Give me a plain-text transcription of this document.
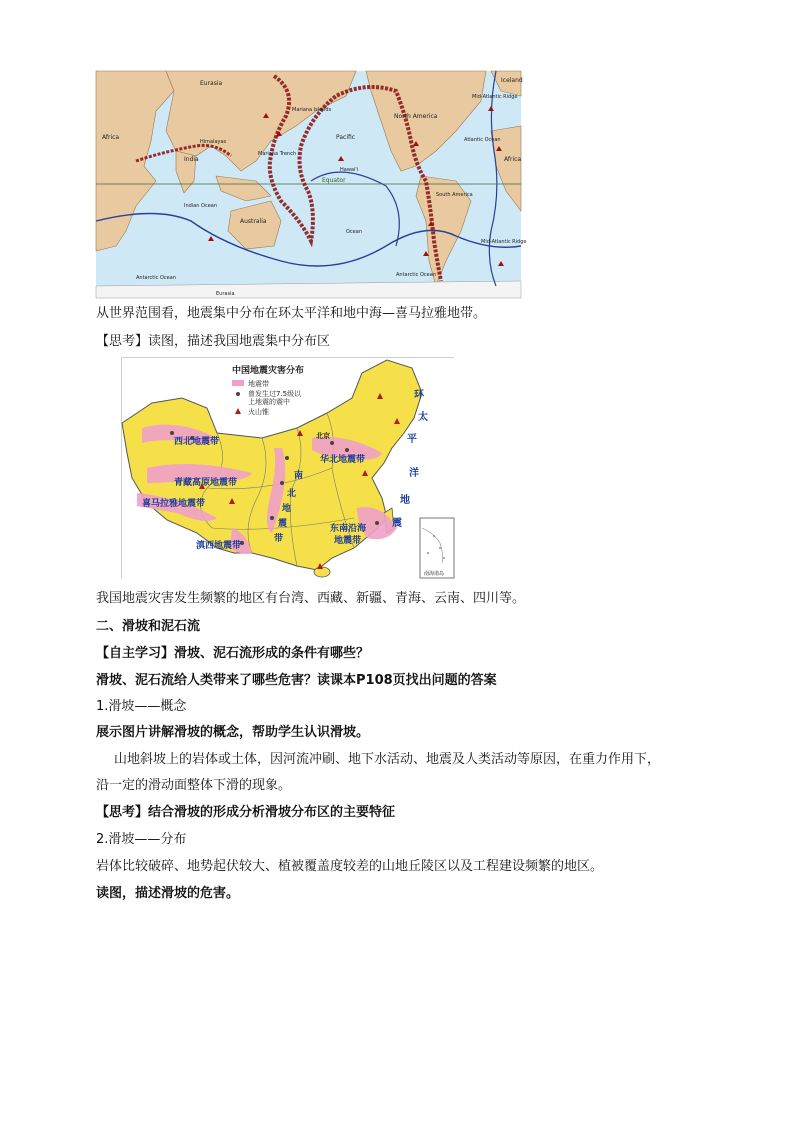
Eurasia
North America
Iceland
Mid-Atlantic Ridge
Atlantic Ocean
Africa
Africa
India
Himalayas
Mariana Trench
Mariana Islands
Pacific
Hawai'i
Equator
Indian Ocean
Australia
Ocean
South America
Mid-Atlantic Ridge
Antarctic Ocean	Antarctic Ocean
Eurasia
从世界范围看，地震集中分布在环太平洋和地中海—喜马拉雅地带。
【思考】读图，描述我国地震集中分布区
中国地震灾害分布
地震带
曾发生过7.5级以
上地震的震中
火山锥
西北地震带
华北地震带
北京
青藏高原地震带
喜马拉雅地震带
滇西地震带
东南沿海
地震带
环
太
平
洋
地
震
南
北
地
震
带
南海诸岛
我国地震灾害发生频繁的地区有台湾、西藏、新疆、青海、云南、四川等。
二、滑坡和泥石流
【自主学习】滑坡、泥石流形成的条件有哪些？
滑坡、泥石流给人类带来了哪些危害？读课本P108页找出问题的答案
1.滑坡——概念
展示图片讲解滑坡的概念，帮助学生认识滑坡。
山地斜坡上的岩体或土体，因河流冲刷、地下水活动、地震及人类活动等原因，在重力作用下，
沿一定的滑动面整体下滑的现象。
【思考】结合滑坡的形成分析滑坡分布区的主要特征
2.滑坡——分布
岩体比较破碎、地势起伏较大、植被覆盖度较差的山地丘陵区以及工程建设频繁的地区。
读图，描述滑坡的危害。
